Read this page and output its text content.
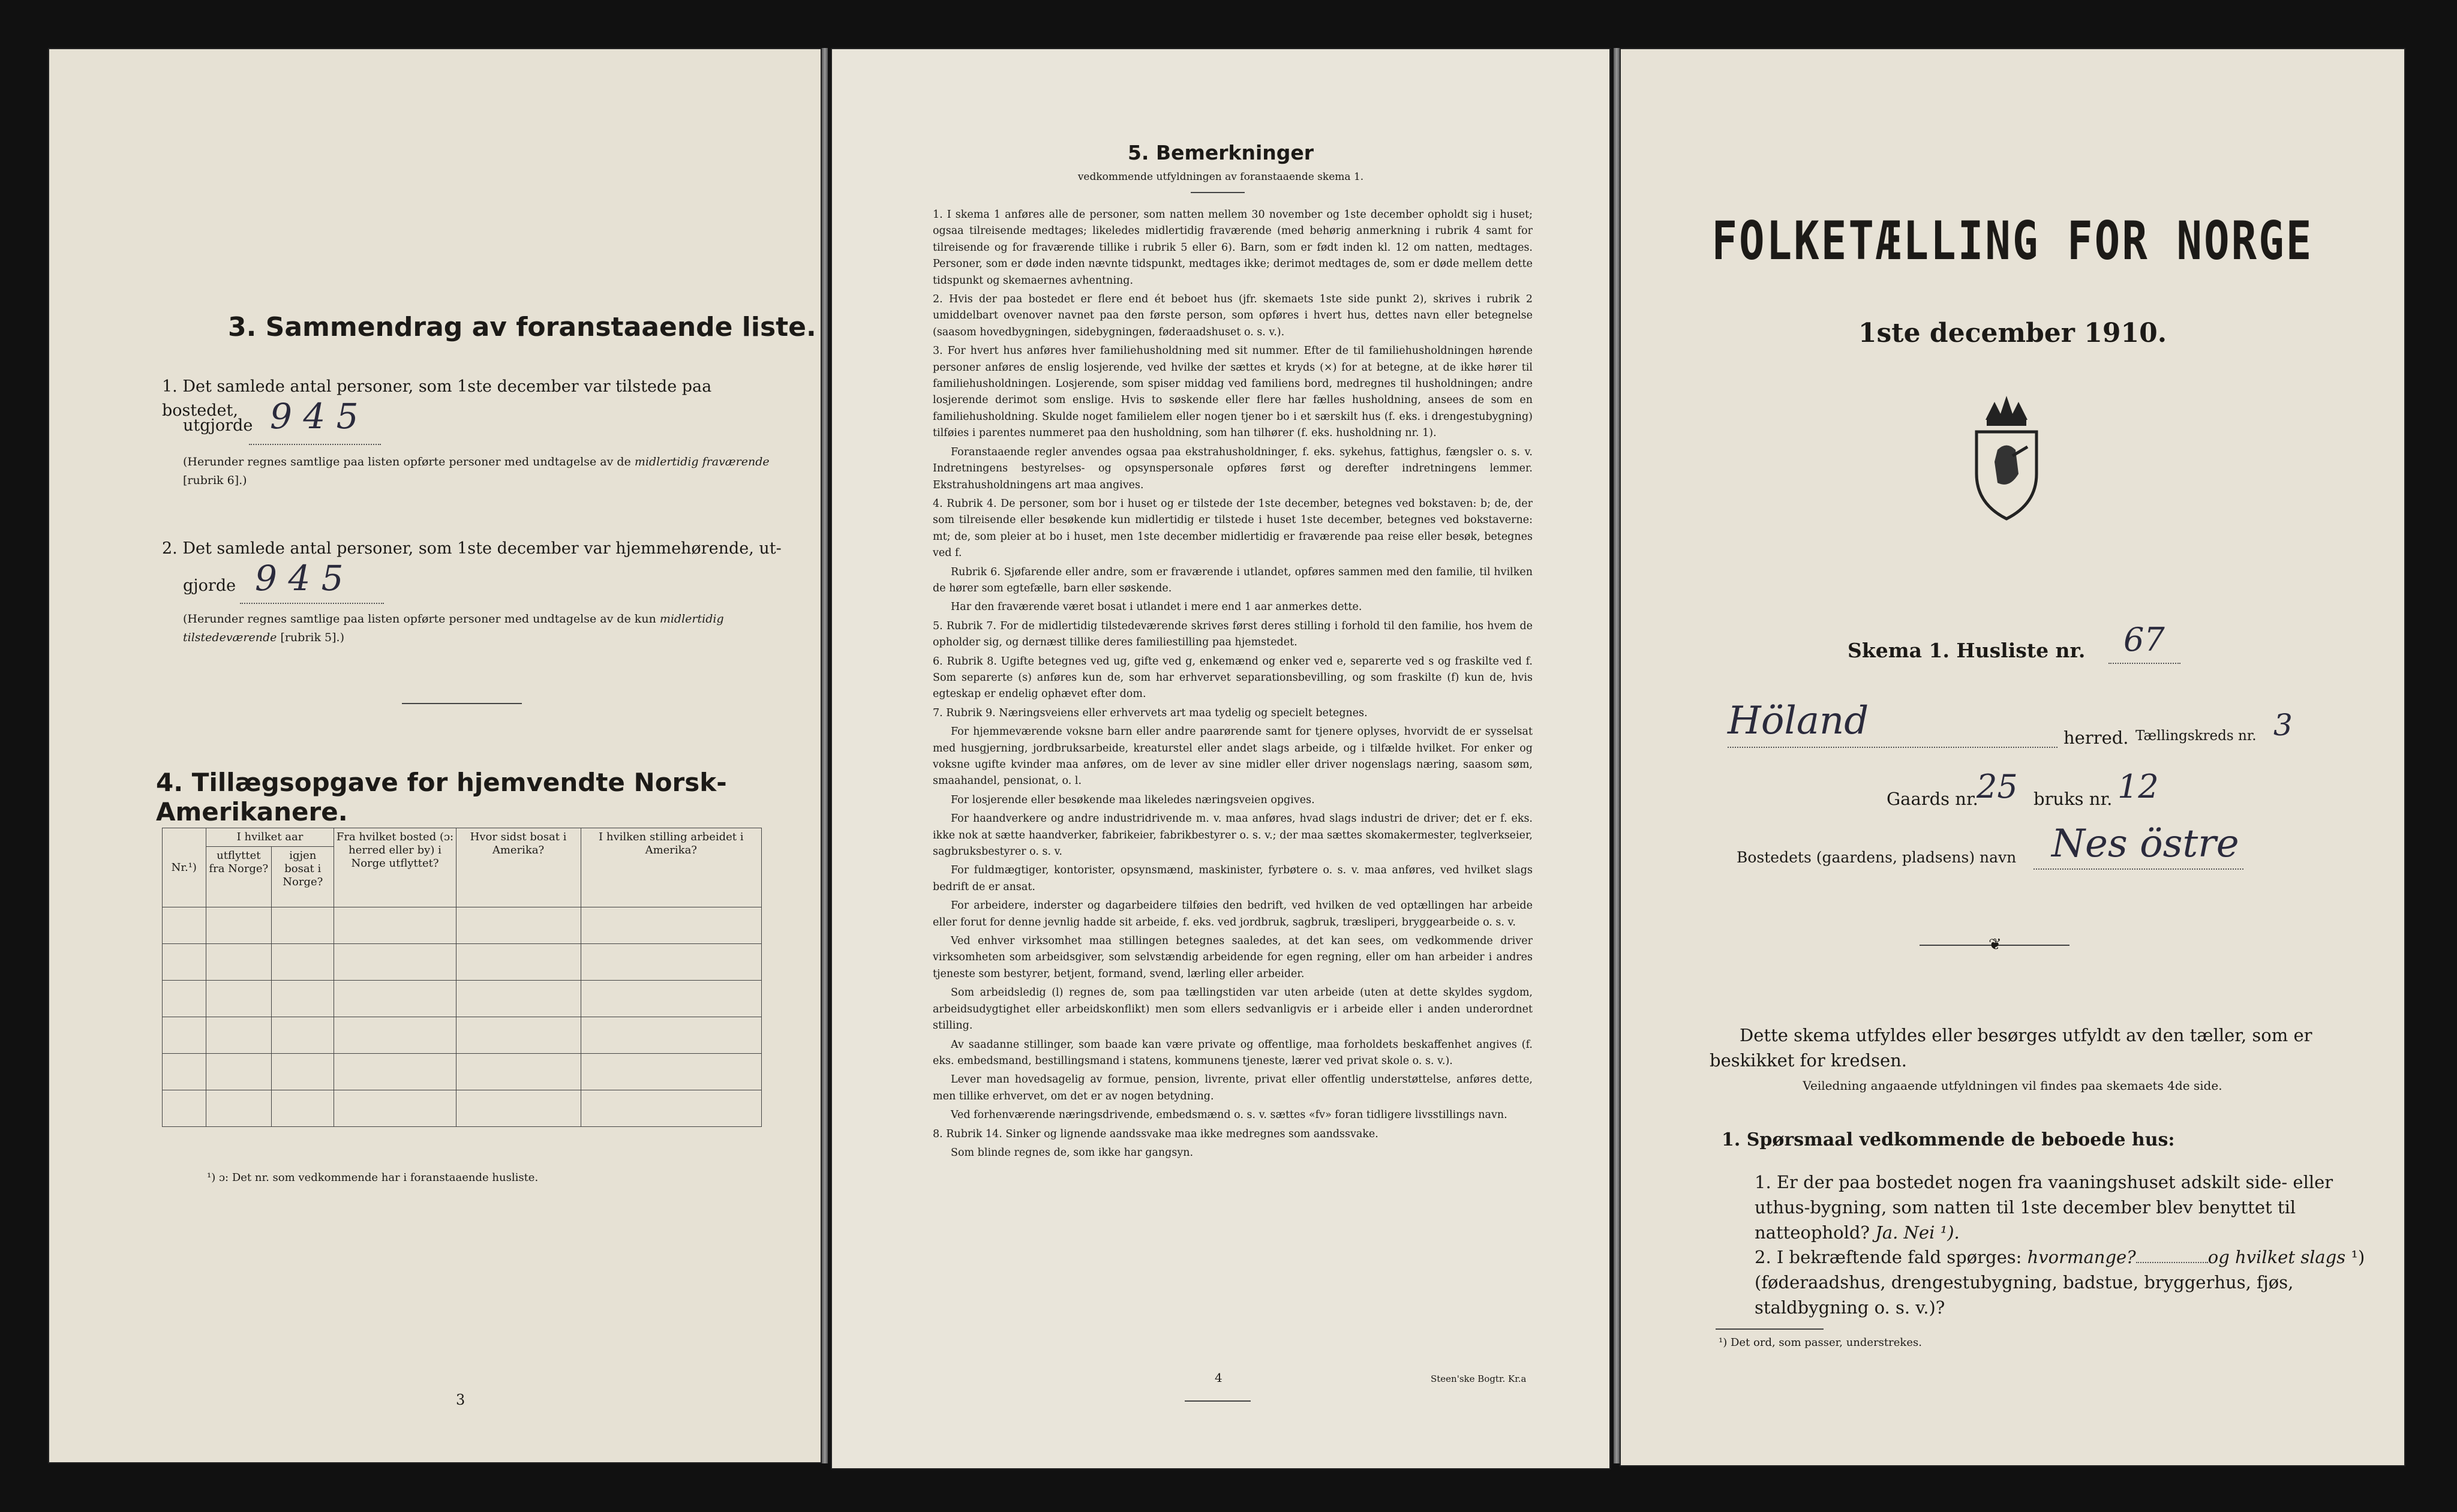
3. Sammendrag av foranstaaende liste.
1. Det samlede antal personer, som 1ste december var tilstede paa bostedet,
utgjorde 9 4 5
(Herunder regnes samtlige paa listen opførte personer med undtagelse av de midlertidig fraværende [rubrik 6].)
2. Det samlede antal personer, som 1ste december var hjemmehørende, ut-
gjorde 9 4 5
(Herunder regnes samtlige paa listen opførte personer med undtagelse av de kun midlertidig tilstedeværende [rubrik 5].)
4. Tillægsopgave for hjemvendte Norsk-Amerikanere.
Nr.¹)	I hvilket aar		Fra hvilket bosted (ɔ: herred eller by) i Norge utflyttet?	Hvor sidst bosat i Amerika?	I hvilken stilling arbeidet i Amerika?
	utflyttet fra Norge?	igjen bosat i Norge?			

¹) ɔ: Det nr. som vedkommende har i foranstaaende husliste.
3
5. Bemerkninger
vedkommende utfyldningen av foranstaaende skema 1.

1. I skema 1 anføres alle de personer, som natten mellem 30 november og 1ste december opholdt sig i huset; ogsaa tilreisende medtages; likeledes midlertidig fraværende (med behørig anmerkning i rubrik 4 samt for tilreisende og for fraværende tillike i rubrik 5 eller 6). Barn, som er født inden kl. 12 om natten, medtages. Personer, som er døde inden nævnte tidspunkt, medtages ikke; derimot medtages de, som er døde mellem dette tidspunkt og skemaernes avhentning.

2. Hvis der paa bostedet er flere end ét beboet hus (jfr. skemaets 1ste side punkt 2), skrives i rubrik 2 umiddelbart ovenover navnet paa den første person, som opføres i hvert hus, dettes navn eller betegnelse (saasom hovedbygningen, sidebygningen, føderaadshuset o. s. v.).

3. For hvert hus anføres hver familiehusholdning med sit nummer. Efter de til familiehusholdningen hørende personer anføres de enslig losjerende, ved hvilke der sættes et kryds (×) for at betegne, at de ikke hører til familiehusholdningen. Losjerende, som spiser middag ved familiens bord, medregnes til husholdningen; andre losjerende derimot som enslige. Hvis to søskende eller flere har fælles husholdning, ansees de som en familiehusholdning. Skulde noget familielem eller nogen tjener bo i et særskilt hus (f. eks. i drengestubygning) tilføies i parentes nummeret paa den husholdning, som han tilhører (f. eks. husholdning nr. 1).

Foranstaaende regler anvendes ogsaa paa ekstrahusholdninger, f. eks. sykehus, fattighus, fængsler o. s. v. Indretningens bestyrelses- og opsynspersonale opføres først og derefter indretningens lemmer. Ekstrahusholdningens art maa angives.

4. Rubrik 4. De personer, som bor i huset og er tilstede der 1ste december, betegnes ved bokstaven: b; de, der som tilreisende eller besøkende kun midlertidig er tilstede i huset 1ste december, betegnes ved bokstaverne: mt; de, som pleier at bo i huset, men 1ste december midlertidig er fraværende paa reise eller besøk, betegnes ved f.

Rubrik 6. Sjøfarende eller andre, som er fraværende i utlandet, opføres sammen med den familie, til hvilken de hører som egtefælle, barn eller søskende.

Har den fraværende været bosat i utlandet i mere end 1 aar anmerkes dette.

5. Rubrik 7. For de midlertidig tilstedeværende skrives først deres stilling i forhold til den familie, hos hvem de opholder sig, og dernæst tillike deres familiestilling paa hjemstedet.

6. Rubrik 8. Ugifte betegnes ved ug, gifte ved g, enkemænd og enker ved e, separerte ved s og fraskilte ved f. Som separerte (s) anføres kun de, som har erhvervet separationsbevilling, og som fraskilte (f) kun de, hvis egteskap er endelig ophævet efter dom.

7. Rubrik 9. Næringsveiens eller erhvervets art maa tydelig og specielt betegnes.

For hjemmeværende voksne barn eller andre paarørende samt for tjenere oplyses, hvorvidt de er sysselsat med husgjerning, jordbruksarbeide, kreaturstel eller andet slags arbeide, og i tilfælde hvilket. For enker og voksne ugifte kvinder maa anføres, om de lever av sine midler eller driver nogenslags næring, saasom søm, smaahandel, pensionat, o. l.

For losjerende eller besøkende maa likeledes næringsveien opgives.

For haandverkere og andre industridrivende m. v. maa anføres, hvad slags industri de driver; det er f. eks. ikke nok at sætte haandverker, fabrikeier, fabrikbestyrer o. s. v.; der maa sættes skomakermester, teglverkseier, sagbruksbestyrer o. s. v.

For fuldmægtiger, kontorister, opsynsmænd, maskinister, fyrbøtere o. s. v. maa anføres, ved hvilket slags bedrift de er ansat.

For arbeidere, inderster og dagarbeidere tilføies den bedrift, ved hvilken de ved optællingen har arbeide eller forut for denne jevnlig hadde sit arbeide, f. eks. ved jordbruk, sagbruk, træsliperi, bryggearbeide o. s. v.

Ved enhver virksomhet maa stillingen betegnes saaledes, at det kan sees, om vedkommende driver virksomheten som arbeidsgiver, som selvstændig arbeidende for egen regning, eller om han arbeider i andres tjeneste som bestyrer, betjent, formand, svend, lærling eller arbeider.

Som arbeidsledig (l) regnes de, som paa tællingstiden var uten arbeide (uten at dette skyldes sygdom, arbeidsudygtighet eller arbeidskonflikt) men som ellers sedvanligvis er i arbeide eller i anden underordnet stilling.

Av saadanne stillinger, som baade kan være private og offentlige, maa forholdets beskaffenhet angives (f. eks. embedsmand, bestillingsmand i statens, kommunens tjeneste, lærer ved privat skole o. s. v.).

Lever man hovedsagelig av formue, pension, livrente, privat eller offentlig understøttelse, anføres dette, men tillike erhvervet, om det er av nogen betydning.

Ved forhenværende næringsdrivende, embedsmænd o. s. v. sættes «fv» foran tidligere livsstillings navn.

8. Rubrik 14. Sinker og lignende aandssvake maa ikke medregnes som aandssvake.

Som blinde regnes de, som ikke har gangsyn.

4	Steen'ske Bogtr. Kr.a
FOLKETÆLLING FOR NORGE
1ste december 1910.
Skema 1. Husliste nr. 67
Höland	herred. Tællingskreds nr. 3
Gaards nr.
25 bruks nr. 12
Bostedets (gaardens, pladsens) navn Nes östre
❦
Dette skema utfyldes eller besørges utfyldt av den tæller, som er beskikket for kredsen.
Veiledning angaaende utfyldningen vil findes paa skemaets 4de side.
1. Spørsmaal vedkommende de beboede hus:
1. Er der paa bostedet nogen fra vaaningshuset adskilt side- eller uthus-bygning, som natten til 1ste december blev benyttet til natteophold? Ja. Nei ¹).
2. I bekræftende fald spørges: hvormange?	og hvilket slags ¹) (føderaadshus, drengestubygning, badstue, bryggerhus, fjøs, staldbygning o. s. v.)?
¹) Det ord, som passer, understrekes.
